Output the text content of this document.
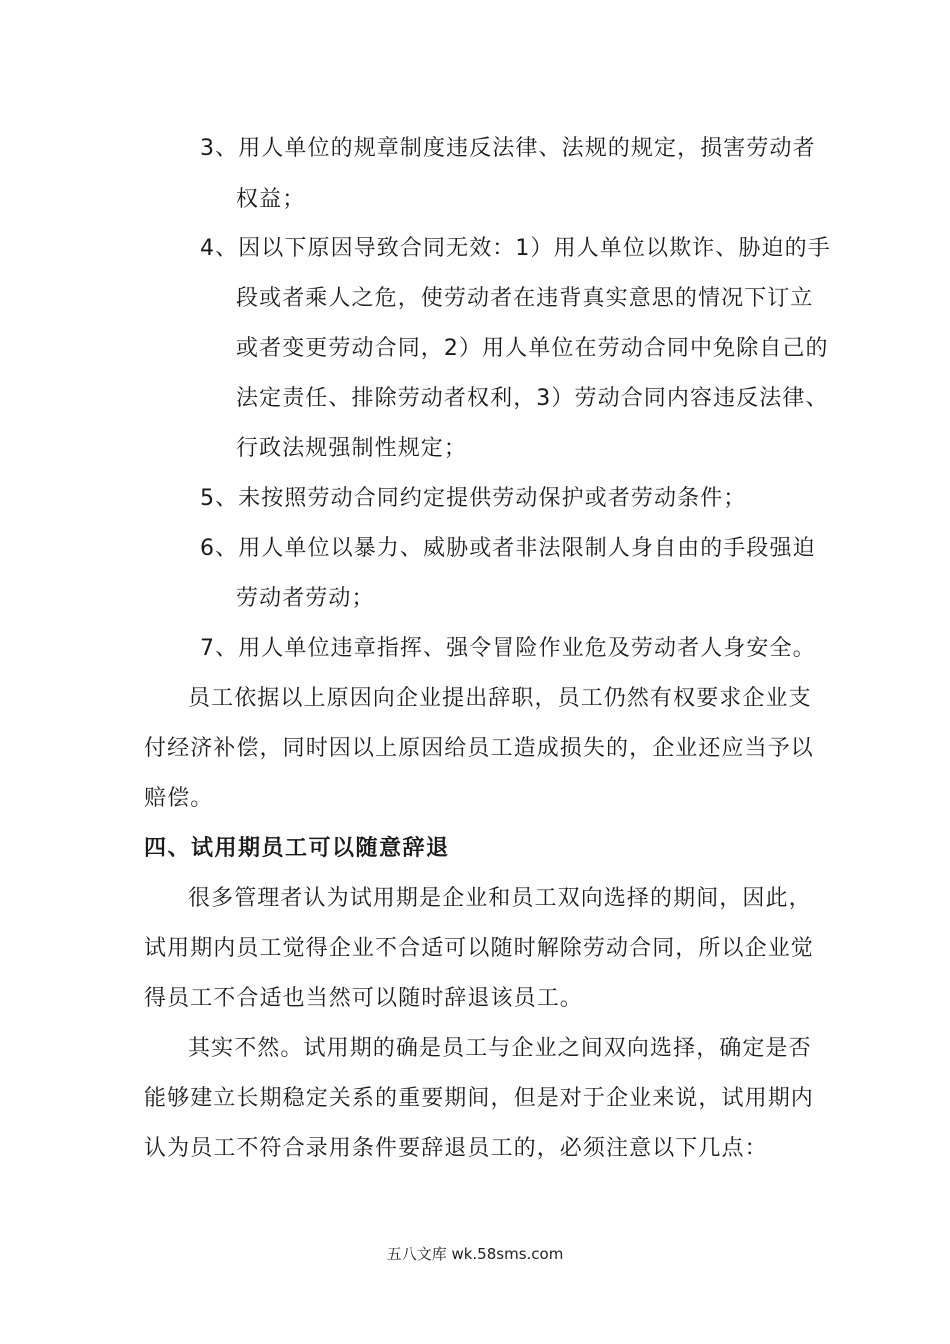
3、用人单位的规章制度违反法律、法规的规定，损害劳动者
权益；
4、因以下原因导致合同无效：1）用人单位以欺诈、胁迫的手
段或者乘人之危，使劳动者在违背真实意思的情况下订立
或者变更劳动合同，2）用人单位在劳动合同中免除自己的
法定责任、排除劳动者权利，3）劳动合同内容违反法律、
行政法规强制性规定；
5、未按照劳动合同约定提供劳动保护或者劳动条件；
6、用人单位以暴力、威胁或者非法限制人身自由的手段强迫
劳动者劳动；
7、用人单位违章指挥、强令冒险作业危及劳动者人身安全。
员工依据以上原因向企业提出辞职，员工仍然有权要求企业支
付经济补偿，同时因以上原因给员工造成损失的，企业还应当予以
赔偿。
四、试用期员工可以随意辞退
很多管理者认为试用期是企业和员工双向选择的期间，因此，
试用期内员工觉得企业不合适可以随时解除劳动合同，所以企业觉
得员工不合适也当然可以随时辞退该员工。
其实不然。试用期的确是员工与企业之间双向选择，确定是否
能够建立长期稳定关系的重要期间，但是对于企业来说，试用期内
认为员工不符合录用条件要辞退员工的，必须注意以下几点：
五八文库 wk.58sms.com
